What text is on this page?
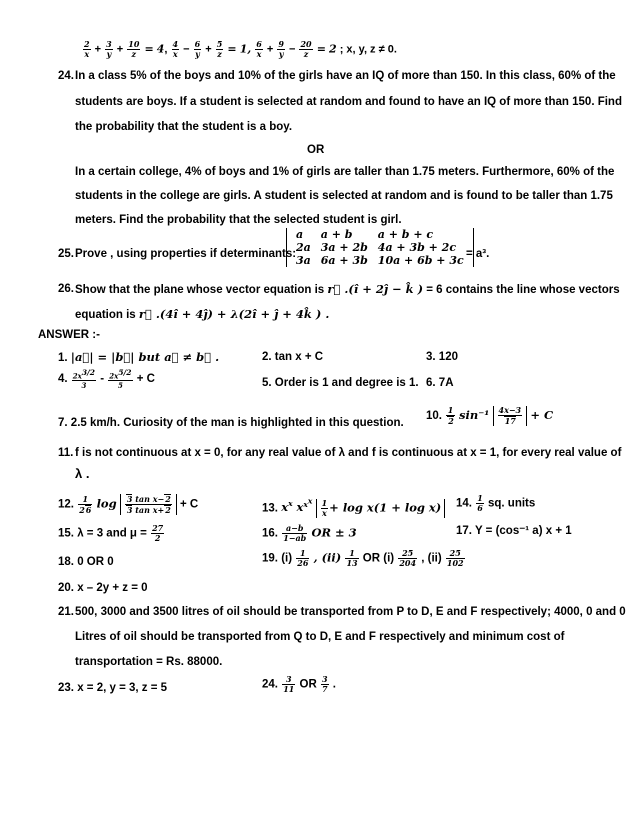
$\frac{2}{x} + \frac{3}{y} + \frac{10}{z} = 4$, $\frac{4}{x} - \frac{6}{y} + \frac{5}{z} = 1$, $\frac{6}{x} + \frac{9}{y} - \frac{20}{z} = 2$ ; x, y, z ≠ 0.
24. In a class 5% of the boys and 10% of the girls have an IQ of more than 150. In this class, 60% of the
students are boys. If a student is selected at random and found to have an IQ of more than 150. Find
the probability that the student is a boy.
OR
In a certain college, 4% of boys and 1% of girls are taller than 1.75 meters. Furthermore, 60% of the
students in the college are girls. A student is selected at random and is found to be taller than 1.75
meters. Find the probability that the selected student is girl.
25. Prove , using properties if determinants:
a	a + b	a + b + c
2a	3a + 2b	4a + 3b + 2c
3a	6a + 3b	10a + 6b + 3c = a³.
26. Show that the plane whose vector equation is r⃗ .(î + 2ĵ − k̂ ) = 6 contains the line whose vectors
equation is r⃗ .(4î + 4ĵ) + λ(2î + ĵ + 4k̂ ) .
ANSWER :-
1. |a⃗| = |b⃗| but a⃗ ≠ b⃗ .	2. tan x + C	3. 120
4. $\frac{2x^{3/2}}{3} - \frac{2x^{5/2}}{5} + C$	5. Order is 1 and degree is 1. 6. 7A
7. 2.5 km/h. Curiosity of the man is highlighted in this question.
10. $\frac{1}{2} \sin^{-1} \frac{4x-3}{17} + C$
11. f is not continuous at x = 0, for any real value of λ and f is continuous at x = 1, for every real value of
λ .
12. $\frac{1}{26}$ $\log \frac{\text{3 tan x−2}}{\text{3 tan x+2}} + C$	13. $x^x$ $x^{x^x} \frac{1}{x} + \log x(1 + \log x)$	14. $\frac{1}{6}$ sq. units
15. λ = 3 and $\mu = \frac{27}{2}$	16. $\frac{a-b}{1-ab}$ OR ± 3	17. Y = (cos⁻¹ a) x + 1
18. 0 OR 0	19. $(i) \frac{1}{26}$ , $(ii) \frac{1}{13}$ OR $(i) \frac{25}{204}$ , $(ii) \frac{25}{102}$
20. x – 2y + z = 0
21. 500, 3000 and 3500 litres of oil should be transported from P to D, E and F respectively; 4000, 0 and 0
Litres of oil should be transported from Q to D, E and F respectively and minimum cost of
transportation = Rs. 88000.
23. x = 2, y = 3, z = 5	24. $\frac{3}{11}$ OR $\frac{3}{7}$ .
